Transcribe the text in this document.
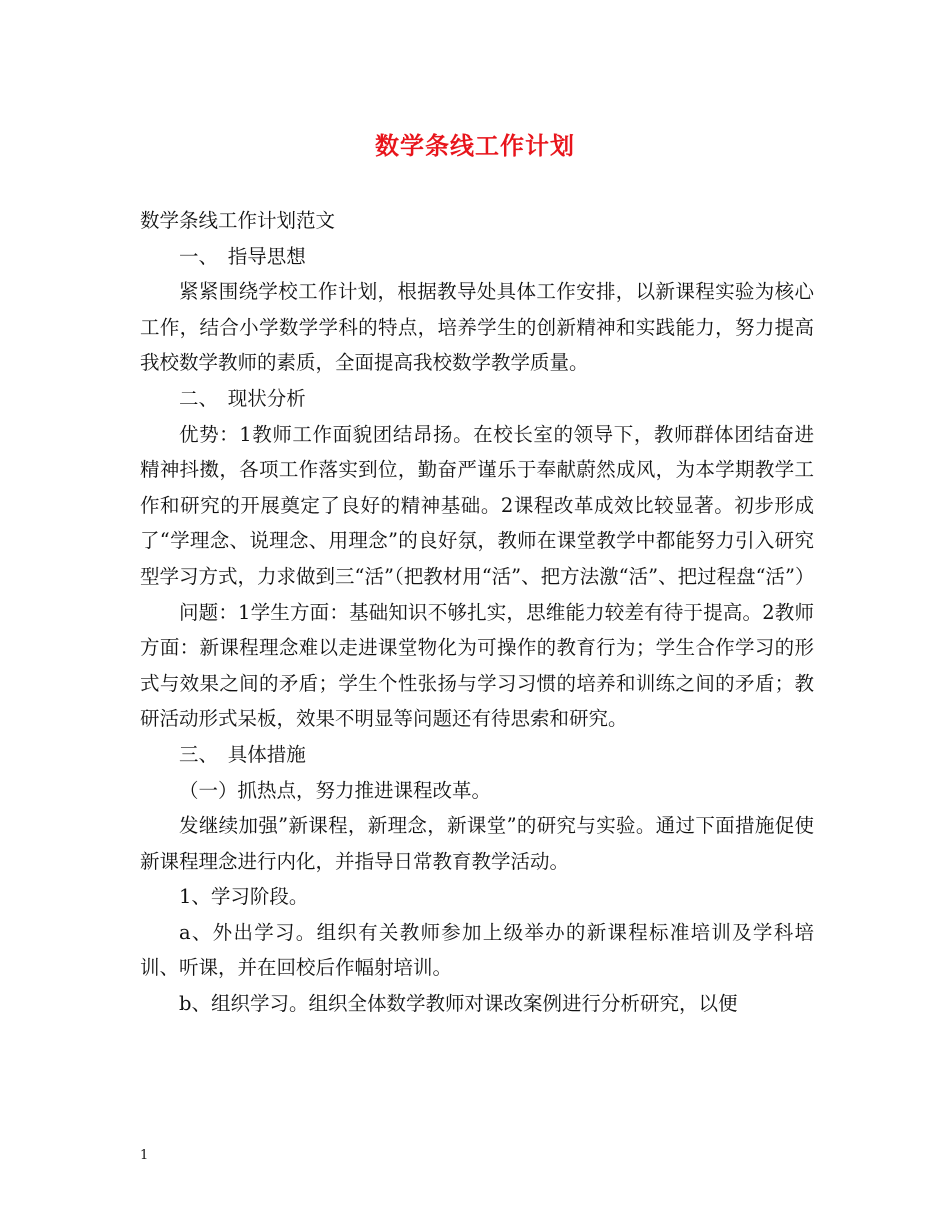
数学条线工作计划

数学条线工作计划范文

一、　指导思想

紧紧围绕学校工作计划，根据教导处具体工作安排，以新课程实验为核心工作，结合小学数学学科的特点，培养学生的创新精神和实践能力，努力提高我校数学教师的素质，全面提高我校数学教学质量。

二、　现状分析

优势：1教师工作面貌团结昂扬。在校长室的领导下，教师群体团结奋进精神抖擞，各项工作落实到位，勤奋严谨乐于奉献蔚然成风，为本学期教学工作和研究的开展奠定了良好的精神基础。2课程改革成效比较显著。初步形成了“学理念、说理念、用理念”的良好氛，教师在课堂教学中都能努力引入研究型学习方式，力求做到三“活”（把教材用“活”、把方法激“活”、把过程盘“活”）

问题：1学生方面：基础知识不够扎实，思维能力较差有待于提高。2教师方面：新课程理念难以走进课堂物化为可操作的教育行为；学生合作学习的形式与效果之间的矛盾；学生个性张扬与学习习惯的培养和训练之间的矛盾；教研活动形式呆板，效果不明显等问题还有待思索和研究。

三、　具体措施

（一）抓热点，努力推进课程改革。

发继续加强”新课程，新理念，新课堂”的研究与实验。通过下面措施促使新课程理念进行内化，并指导日常教育教学活动。

1、学习阶段。

a、外出学习。组织有关教师参加上级举办的新课程标准培训及学科培训、听课，并在回校后作幅射培训。

b、组织学习。组织全体数学教师对课改案例进行分析研究，以便

1
